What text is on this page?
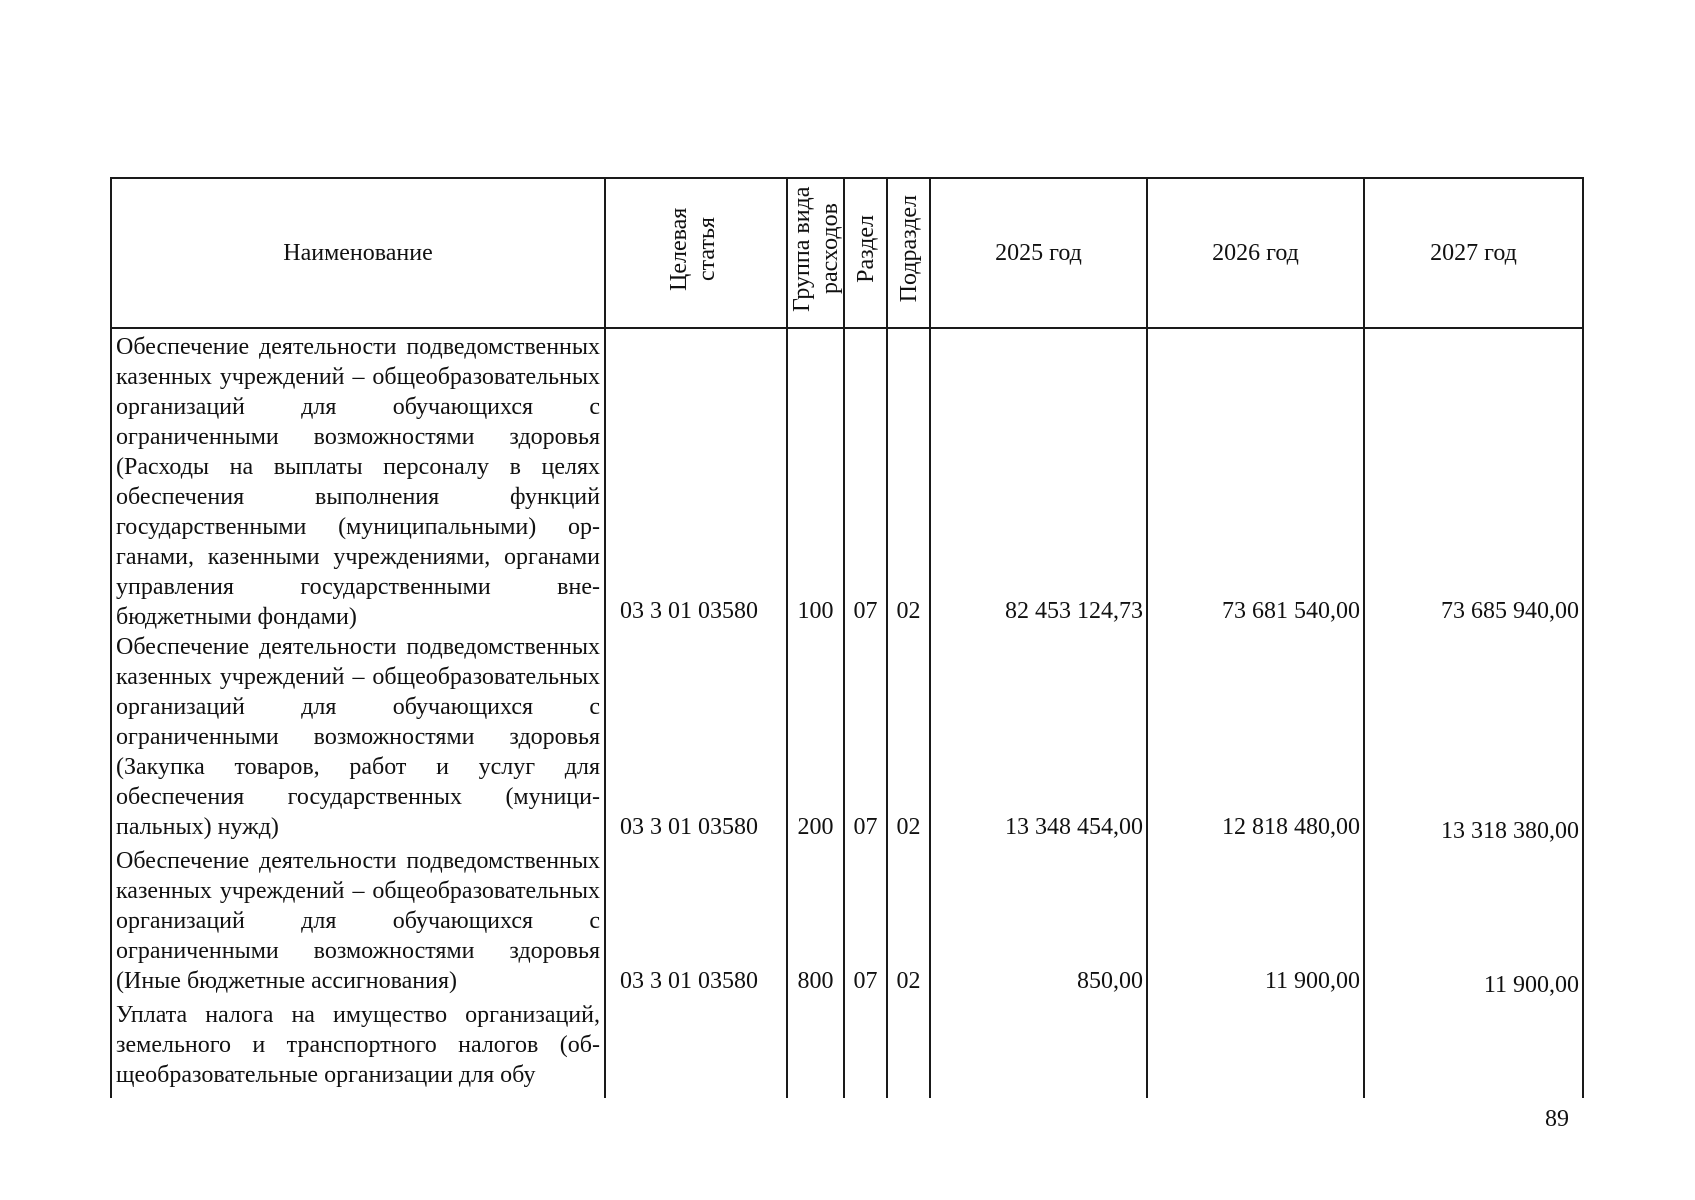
Наименование	Целевая статья	Группа вида расходов	Раздел	Подраздел	2025 год	2026 год	2027 год
Обеспечение деятельности подведомственных казенных учреждений – общеобразовательных организаций для обучающихся с ограниченными возможностями здоровья (Расходы на выплаты персоналу в целях обеспечения выполнения функций государственными (муниципальными) органами, казенными учреждениями, органами управления государственными внебюджетными фондами)	03 3 01 03580	100	07	02	82 453 124,73	73 681 540,00	73 685 940,00
Обеспечение деятельности подведомственных казенных учреждений – общеобразовательных организаций для обучающихся с ограниченными возможностями здоровья (Закупка товаров, работ и услуг для обеспечения государственных (муниципальных) нужд)	03 3 01 03580	200	07	02	13 348 454,00	12 818 480,00	13 318 380,00
Обеспечение деятельности подведомственных казенных учреждений – общеобразовательных организаций для обучающихся с ограниченными возможностями здоровья (Иные бюджетные ассигнования)	03 3 01 03580	800	07	02	850,00	11 900,00	11 900,00
Уплата налога на имущество организаций, земельного и транспортного налогов (общеобразовательные организации для обу							
89
